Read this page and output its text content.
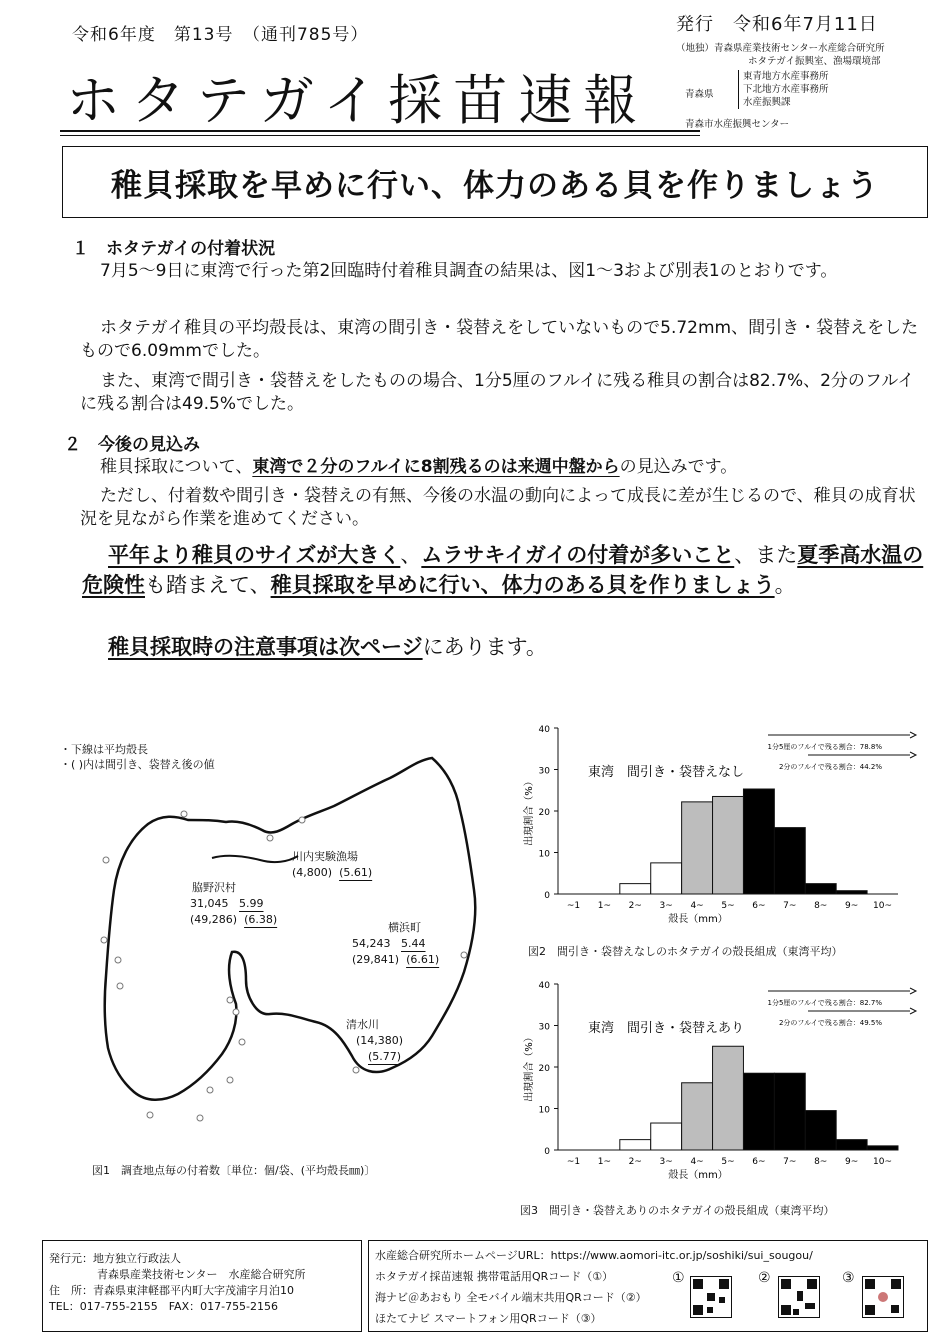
令和6年度　第13号　（通刊785号）	発行　令和6年7月11日
ホタテガイ採苗速報
（地独）青森県産業技術センター水産総合研究所
ホタテガイ振興室、漁場環境部
青森県
東青地方水産事務所
下北地方水産事務所
水産振興課
青森市水産振興センター
稚貝採取を早めに行い、体力のある貝を作りましょう
１　ホタテガイの付着状況
7月5～9日に東湾で行った第2回臨時付着稚貝調査の結果は、図1～3および別表1のとおりです。
ホタテガイ稚貝の平均殻長は、東湾の間引き・袋替えをしていないもので5.72mm、間引き・袋替えをしたもので6.09mmでした。
また、東湾で間引き・袋替えをしたものの場合、1分5厘のフルイに残る稚貝の割合は82.7%、2分のフルイに残る割合は49.5%でした。
２　今後の見込み
稚貝採取について、東湾で２分のフルイに8割残るのは来週中盤からの見込みです。
ただし、付着数や間引き・袋替えの有無、今後の水温の動向によって成長に差が生じるので、稚貝の成育状況を見ながら作業を進めてください。
平年より稚貝のサイズが大きく、ムラサキイガイの付着が多いこと、また夏季高水温の危険性も踏まえて、稚貝採取を早めに行い、体力のある貝を作りましょう。
稚貝採取時の注意事項は次ページにあります。
・下線は平均殻長
・( )内は間引き、袋替え後の値
川内実験漁場
(4,800) (5.61)
脇野沢村
31,045 5.99
(49,286) (6.38)
横浜町
54,243 5.44
(29,841) (6.61)
清水川
(14,380)
(5.77)
図1　調査地点毎の付着数〔単位：個/袋、(平均殻長㎜)〕
0
10
20
30
40
出現割合（%）
~1 1~ 2~ 3~ 4~ 5~ 6~ 7~ 8~ 9~ 10~
殻長（mm）
東湾　間引き・袋替えなし
1分5厘のフルイで残る割合：78.8%
2分のフルイで残る割合：44.2%
図2　間引き・袋替えなしのホタテガイの殻長組成（東湾平均）
0
10
20
30
40
出現割合（%）
~1 1~ 2~ 3~ 4~ 5~ 6~ 7~ 8~ 9~ 10~
殻長（mm）
東湾　間引き・袋替えあり
1分5厘のフルイで残る割合：82.7%
2分のフルイで残る割合：49.5%
図3　間引き・袋替えありのホタテガイの殻長組成（東湾平均）
発行元：地方独立行政法人
青森県産業技術センター　水産総合研究所
住　所：青森県東津軽郡平内町大字茂浦字月泊10
TEL：017-755-2155　FAX：017-755-2156
水産総合研究所ホームページURL：https://www.aomori-itc.or.jp/soshiki/sui_sougou/
ホタテガイ採苗速報 携帯電話用QRコード（①）
海ナビ＠あおもり 全モバイル端末共用QRコード（②）
ほたてナビ スマートフォン用QRコード（③）
①	②	③
